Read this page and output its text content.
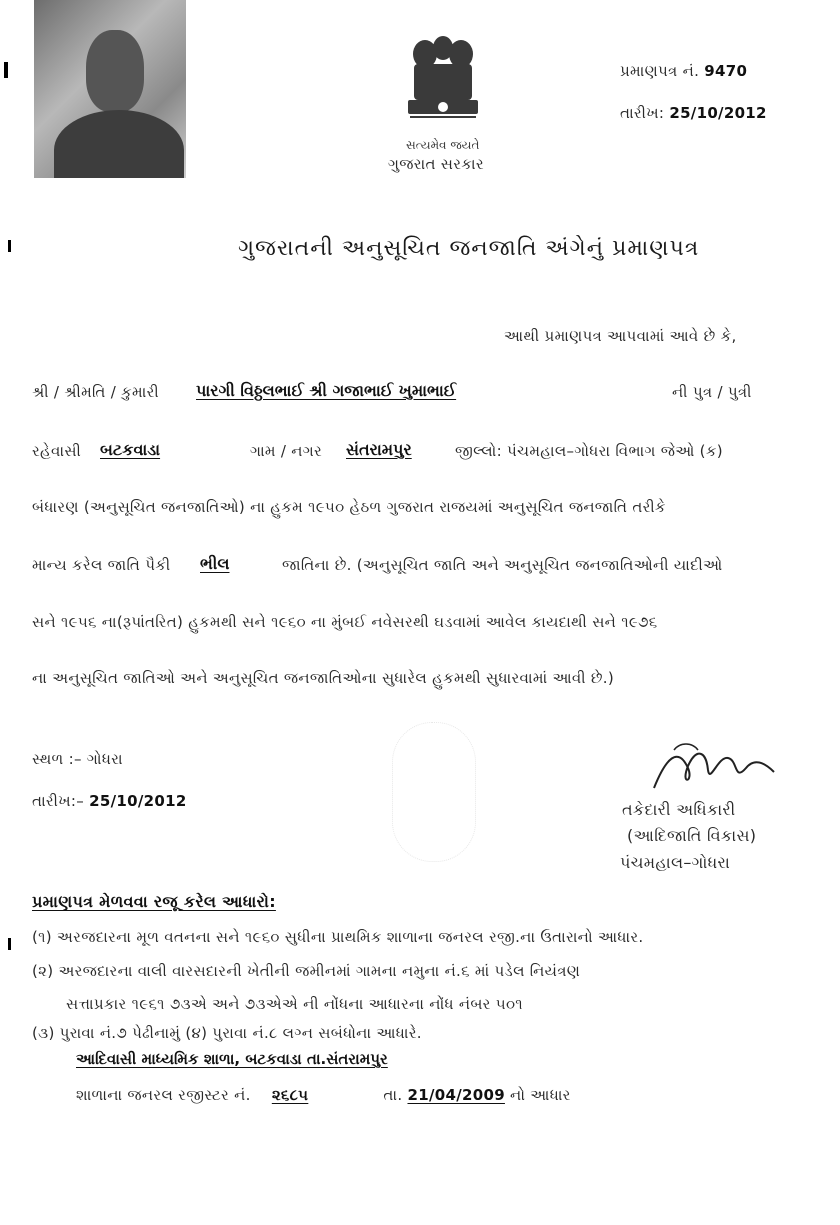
સત્યમેવ જયતે
ગુજરાત સરકાર
પ્રમાણપત્ર નં. 9470
તારીખ: 25/10/2012
ગુજરાતની અનુસૂચિત જનજાતિ અંગેનું પ્રમાણપત્ર
આથી પ્રમાણપત્ર આપવામાં આવે છે કે,
શ્રી / શ્રીમતિ / કુમારી પારગી વિઠ્ઠલભાઈ શ્રી ગજાભાઈ ખુમાભાઈ	ની પુત્ર / પુત્રી
રહેવાસી બટકવાડા	ગામ / નગર સંતરામપુર	જીલ્લો: પંચમહાલ–ગોધરા વિભાગ જેઓ (ક)
બંધારણ (અનુસૂચિત જનજાતિઓ) ના હુકમ ૧૯૫૦ હેઠળ ગુજરાત રાજયમાં અનુસૂચિત જનજાતિ તરીકે
માન્ય કરેલ જાતિ પૈકી ભીલ	જાતિના છે. (અનુસૂચિત જાતિ અને અનુસૂચિત જનજાતિઓની યાદીઓ
સને ૧૯૫૬ ના(રૂપાંતરિત) હુકમથી સને ૧૯૬૦ ના મુંબઈ નવેસરથી ઘડવામાં આવેલ કાયદાથી સને ૧૯૭૬
ના અનુસૂચિત જાતિઓ અને અનુસૂચિત જનજાતિઓના સુધારેલ હુકમથી સુધારવામાં આવી છે.)
સ્થળ :– ગોધરા
તારીખ:– 25/10/2012	તકેદારી અધિકારી
(આદિજાતિ વિકાસ)
પંચમહાલ–ગોધરા
પ્રમાણપત્ર મેળવવા રજૂ કરેલ આધારો:
(૧) અરજદારના મૂળ વતનના સને ૧૯૬૦ સુધીના પ્રાથમિક શાળાના જનરલ રજી.ના ઉતારાનો આધાર.
(૨) અરજદારના વાલી વારસદારની ખેતીની જમીનમાં ગામના નમુના નં.૬ માં પડેલ નિયંત્રણ
સત્તાપ્રકાર ૧૯૬૧ ૭૩એ અને ૭૩એએ ની નોંધના આધારના નોંધ નંબર ૫૦૧
(૩) પુરાવા નં.૭ પેઢીનામું (૪) પુરાવા નં.૮ લગ્ન સબંધોના આધારે.
આદિવાસી માધ્યમિક શાળા, બટકવાડા તા.સંતરામપુર
શાળાના જનરલ રજીસ્ટર નં. ૨૬૮૫	તા. 21/04/2009 નો આધાર
